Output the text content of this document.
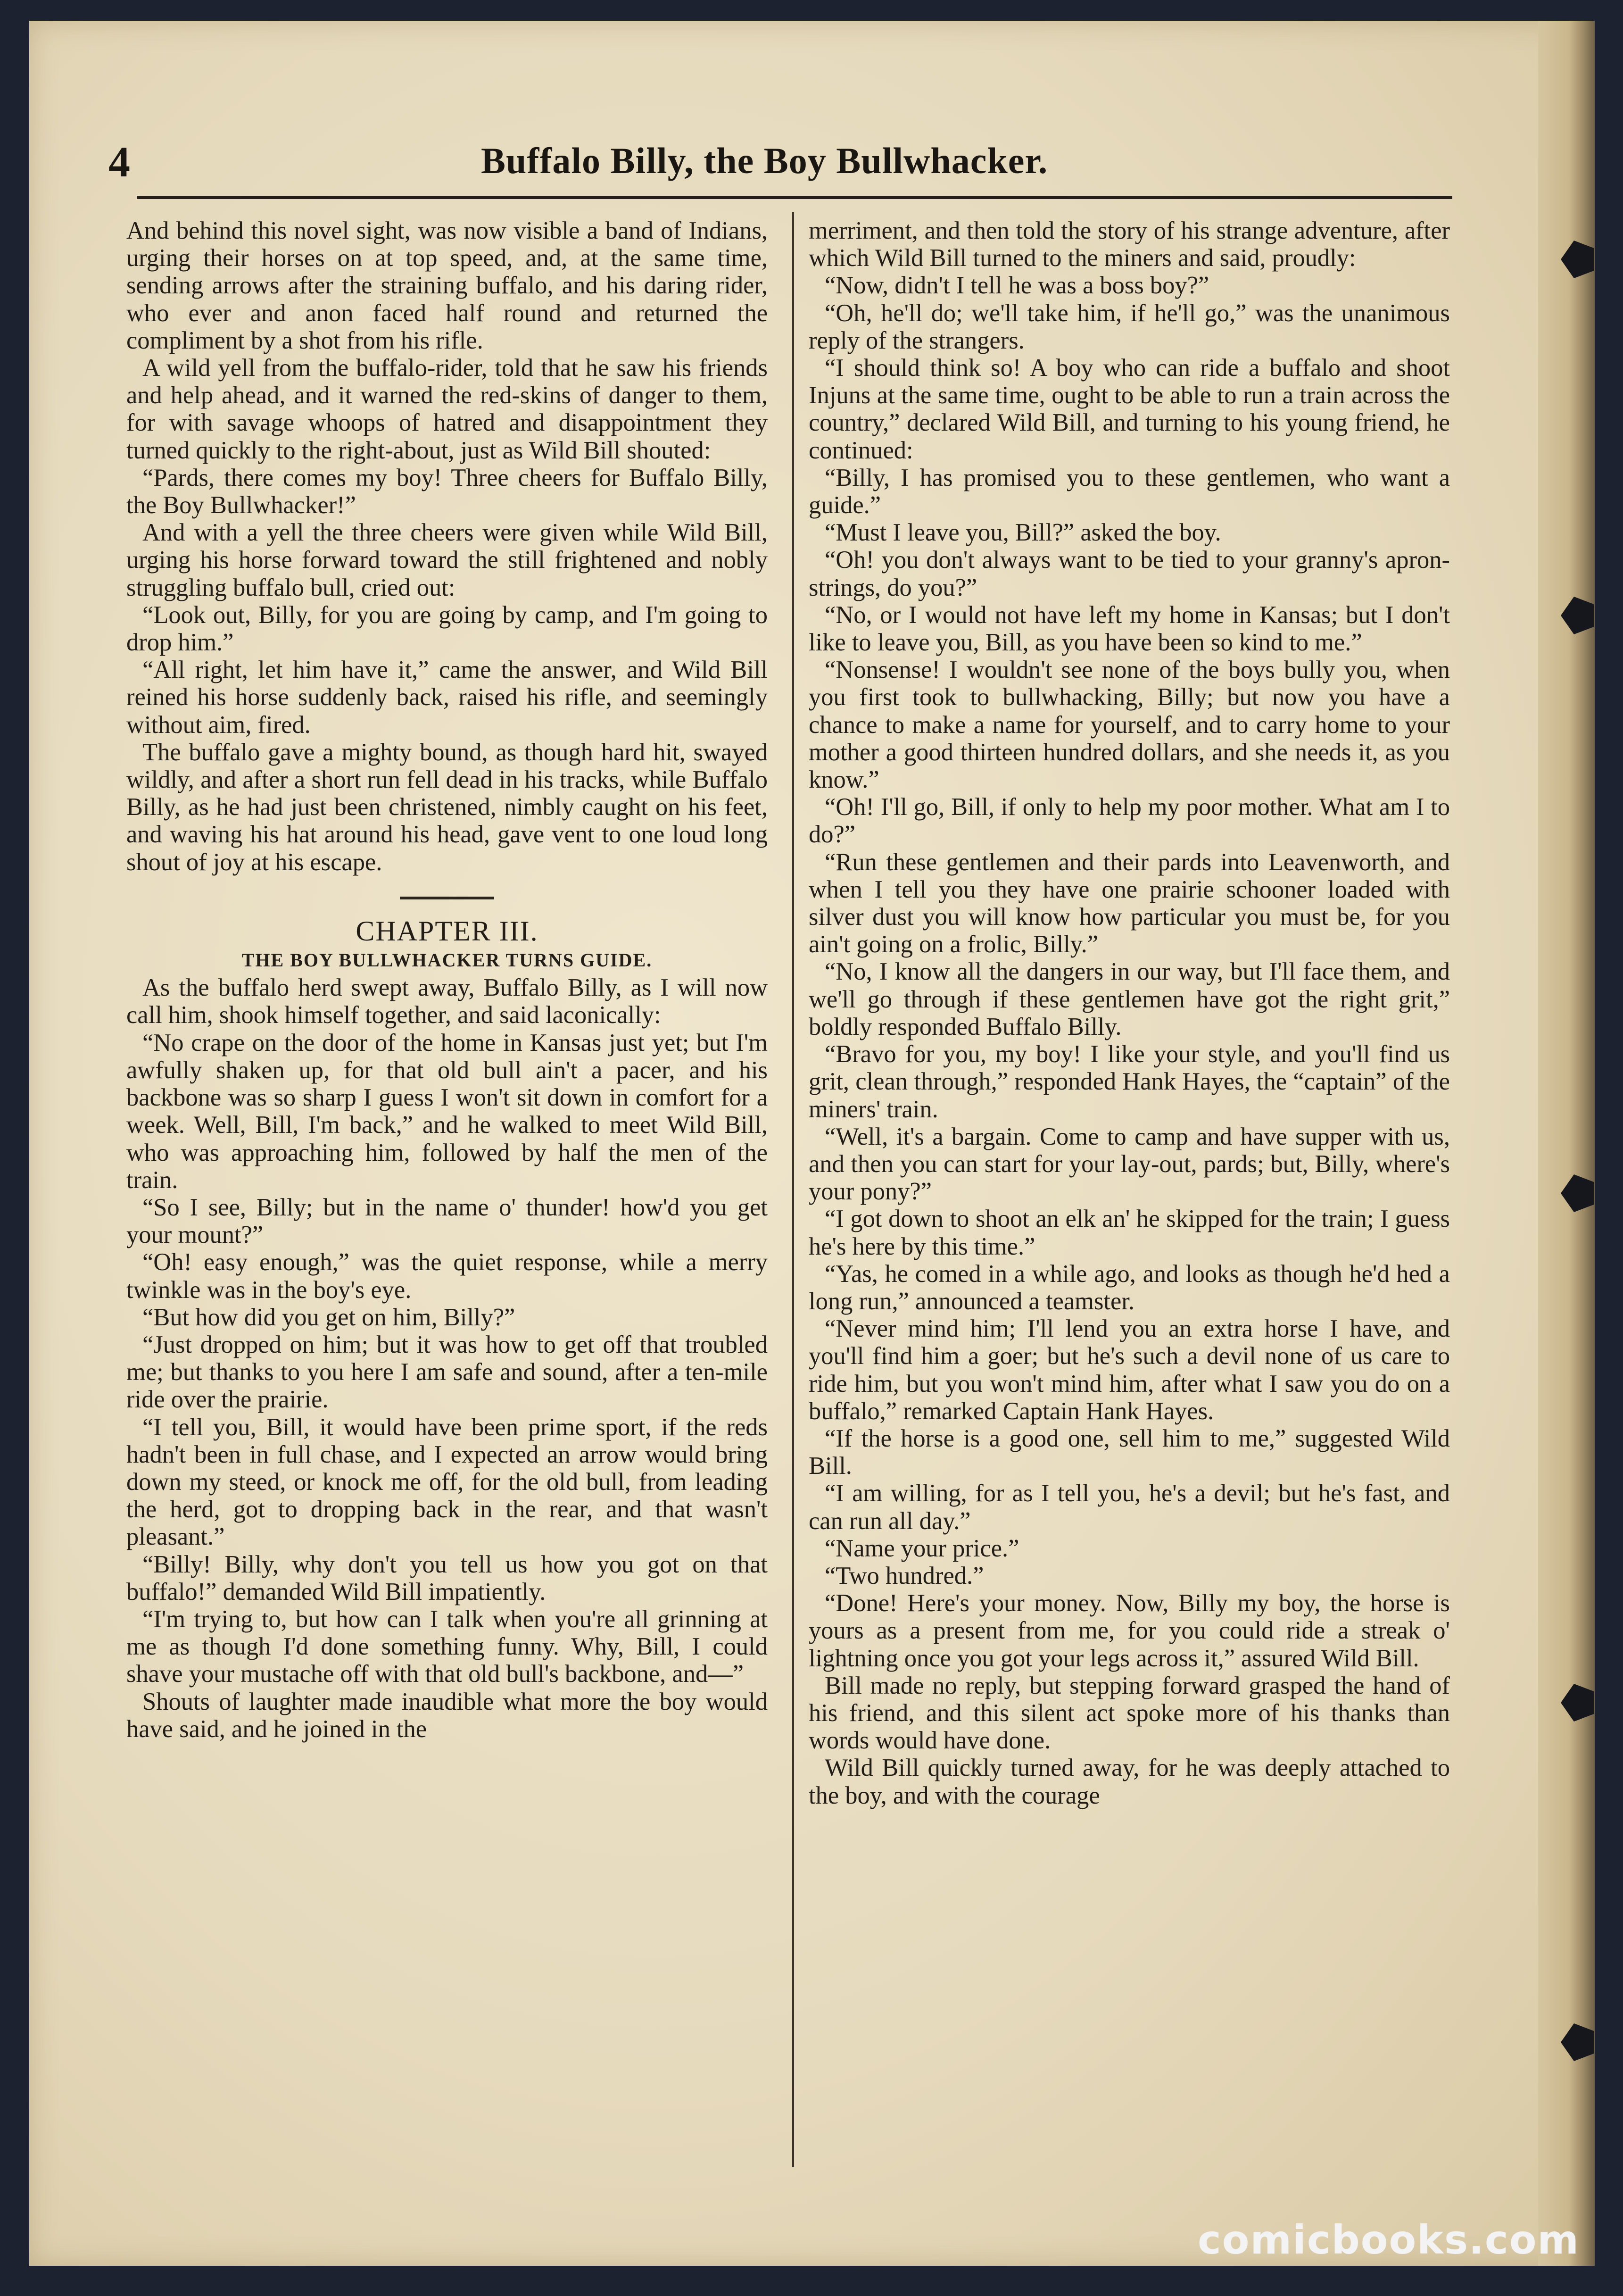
4	Buffalo Billy, the Boy Bullwhacker.

And behind this novel sight, was now visible a band of Indians, urging their horses on at top speed, and, at the same time, sending arrows after the straining buffalo, and his daring rider, who ever and anon faced half round and returned the compliment by a shot from his rifle.

A wild yell from the buffalo-rider, told that he saw his friends and help ahead, and it warned the red-skins of danger to them, for with savage whoops of hatred and disappointment they turned quickly to the right-about, just as Wild Bill shouted:

“Pards, there comes my boy! Three cheers for Buffalo Billy, the Boy Bullwhacker!”

And with a yell the three cheers were given while Wild Bill, urging his horse forward toward the still frightened and nobly struggling buffalo bull, cried out:

“Look out, Billy, for you are going by camp, and I'm going to drop him.”

“All right, let him have it,” came the answer, and Wild Bill reined his horse suddenly back, raised his rifle, and seemingly without aim, fired.

The buffalo gave a mighty bound, as though hard hit, swayed wildly, and after a short run fell dead in his tracks, while Buffalo Billy, as he had just been christened, nimbly caught on his feet, and waving his hat around his head, gave vent to one loud long shout of joy at his escape.

CHAPTER III.
THE BOY BULLWHACKER TURNS GUIDE.

As the buffalo herd swept away, Buffalo Billy, as I will now call him, shook himself together, and said laconically:

“No crape on the door of the home in Kansas just yet; but I'm awfully shaken up, for that old bull ain't a pacer, and his backbone was so sharp I guess I won't sit down in comfort for a week. Well, Bill, I'm back,” and he walked to meet Wild Bill, who was approaching him, followed by half the men of the train.

“So I see, Billy; but in the name o' thunder! how'd you get your mount?”

“Oh! easy enough,” was the quiet response, while a merry twinkle was in the boy's eye.

“But how did you get on him, Billy?”

“Just dropped on him; but it was how to get off that troubled me; but thanks to you here I am safe and sound, after a ten-mile ride over the prairie.

“I tell you, Bill, it would have been prime sport, if the reds hadn't been in full chase, and I expected an arrow would bring down my steed, or knock me off, for the old bull, from leading the herd, got to dropping back in the rear, and that wasn't pleasant.”

“Billy! Billy, why don't you tell us how you got on that buffalo!” demanded Wild Bill impatiently.

“I'm trying to, but how can I talk when you're all grinning at me as though I'd done something funny. Why, Bill, I could shave your mustache off with that old bull's backbone, and—”

Shouts of laughter made inaudible what more the boy would have said, and he joined in the

merriment, and then told the story of his strange adventure, after which Wild Bill turned to the miners and said, proudly:

“Now, didn't I tell he was a boss boy?”

“Oh, he'll do; we'll take him, if he'll go,” was the unanimous reply of the strangers.

“I should think so! A boy who can ride a buffalo and shoot Injuns at the same time, ought to be able to run a train across the country,” declared Wild Bill, and turning to his young friend, he continued:

“Billy, I has promised you to these gentlemen, who want a guide.”

“Must I leave you, Bill?” asked the boy.

“Oh! you don't always want to be tied to your granny's apron-strings, do you?”

“No, or I would not have left my home in Kansas; but I don't like to leave you, Bill, as you have been so kind to me.”

“Nonsense! I wouldn't see none of the boys bully you, when you first took to bullwhacking, Billy; but now you have a chance to make a name for yourself, and to carry home to your mother a good thirteen hundred dollars, and she needs it, as you know.”

“Oh! I'll go, Bill, if only to help my poor mother. What am I to do?”

“Run these gentlemen and their pards into Leavenworth, and when I tell you they have one prairie schooner loaded with silver dust you will know how particular you must be, for you ain't going on a frolic, Billy.”

“No, I know all the dangers in our way, but I'll face them, and we'll go through if these gentlemen have got the right grit,” boldly responded Buffalo Billy.

“Bravo for you, my boy! I like your style, and you'll find us grit, clean through,” responded Hank Hayes, the “captain” of the miners' train.

“Well, it's a bargain. Come to camp and have supper with us, and then you can start for your lay-out, pards; but, Billy, where's your pony?”

“I got down to shoot an elk an' he skipped for the train; I guess he's here by this time.”

“Yas, he comed in a while ago, and looks as though he'd hed a long run,” announced a teamster.

“Never mind him; I'll lend you an extra horse I have, and you'll find him a goer; but he's such a devil none of us care to ride him, but you won't mind him, after what I saw you do on a buffalo,” remarked Captain Hank Hayes.

“If the horse is a good one, sell him to me,” suggested Wild Bill.

“I am willing, for as I tell you, he's a devil; but he's fast, and can run all day.”

“Name your price.”

“Two hundred.”

“Done! Here's your money. Now, Billy my boy, the horse is yours as a present from me, for you could ride a streak o' lightning once you got your legs across it,” assured Wild Bill.

Bill made no reply, but stepping forward grasped the hand of his friend, and this silent act spoke more of his thanks than words would have done.

Wild Bill quickly turned away, for he was deeply attached to the boy, and with the courage

comicbooks.com
